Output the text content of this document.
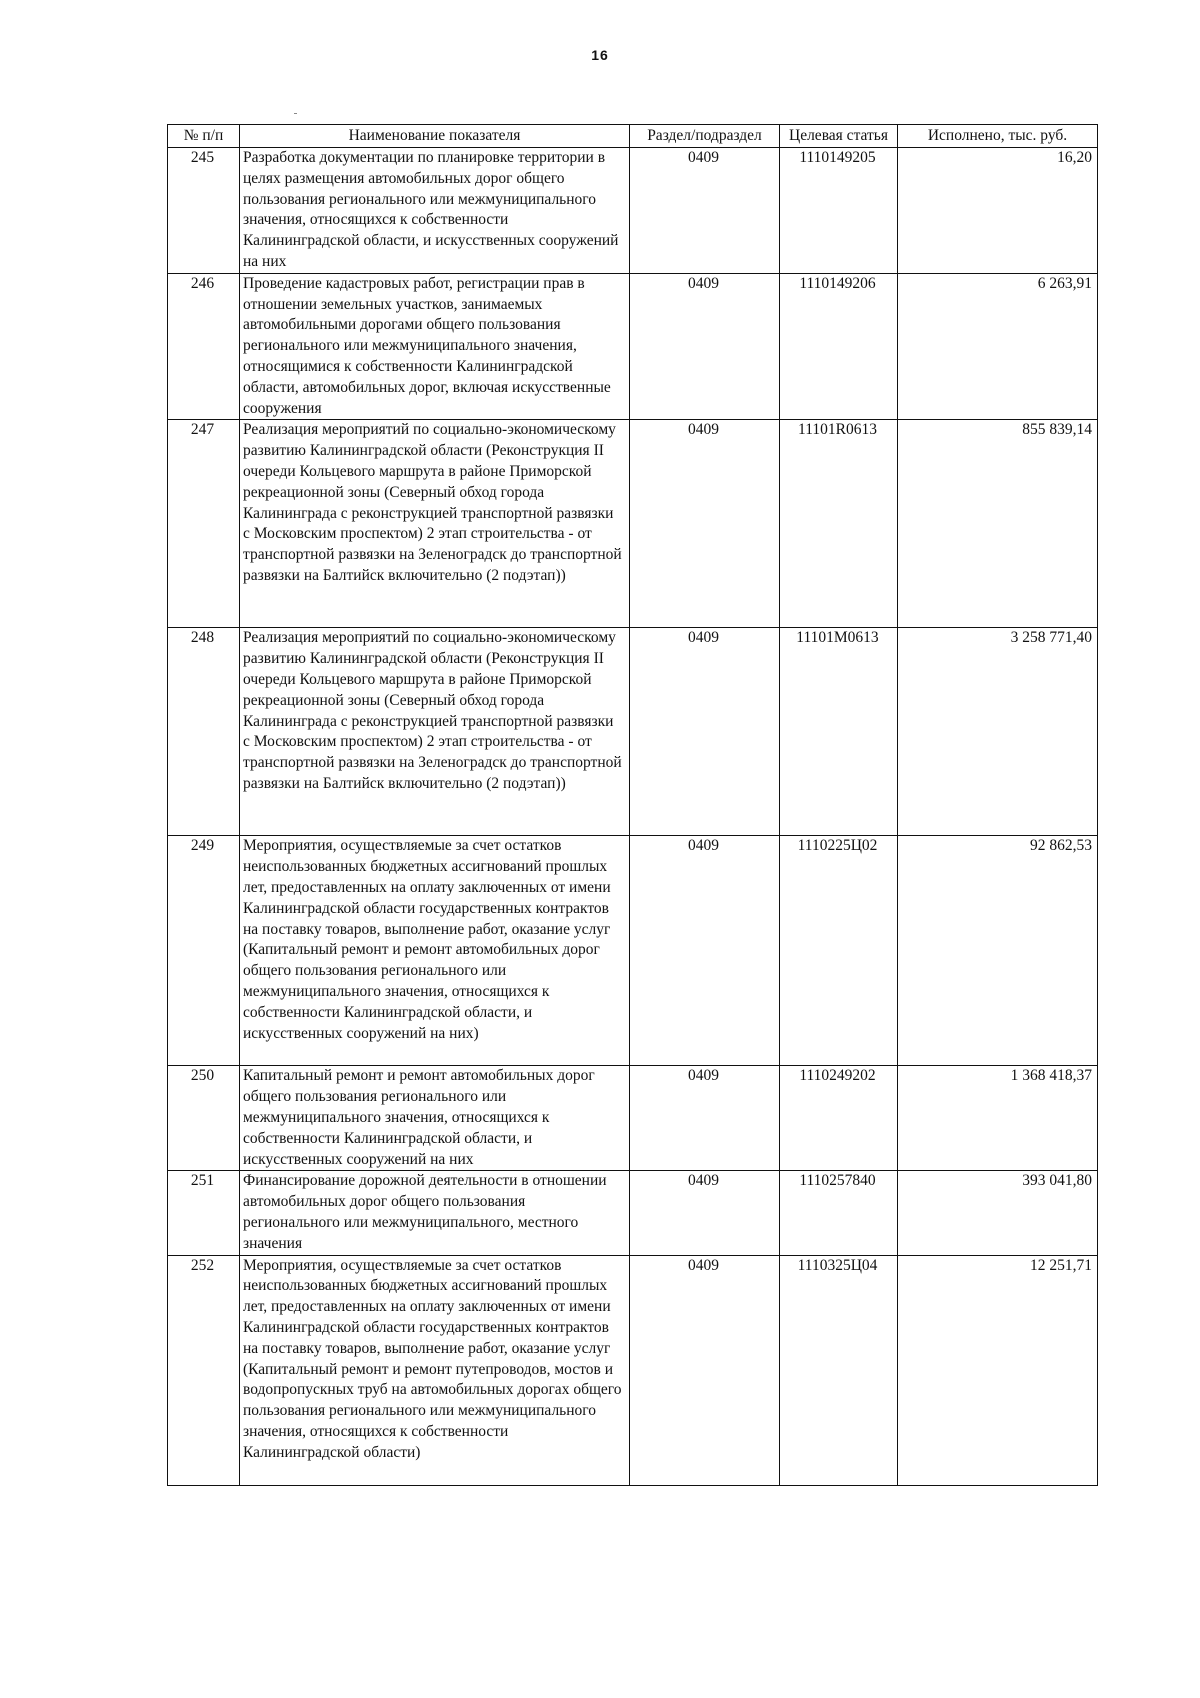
16
№ п/п	Наименование показателя	Раздел/подраздел	Целевая статья	Исполнено, тыс. руб.
245	Разработка документации по планировке территории в целях размещения автомобильных дорог общего пользования регионального или межмуниципального значения, относящихся к собственности Калининградской области, и искусственных сооружений на них	0409	1110149205	16,20
246	Проведение кадастровых работ, регистрации прав в отношении земельных участков, занимаемых автомобильными дорогами общего пользования регионального или межмуниципального значения, относящимися к собственности Калининградской области, автомобильных дорог, включая искусственные сооружения	0409	1110149206	6 263,91
247	Реализация мероприятий по социально-экономическому развитию Калининградской области (Реконструкция II очереди Кольцевого маршрута в районе Приморской рекреационной зоны (Северный обход города Калининграда с реконструкцией транспортной развязки с Московским проспектом) 2 этап строительства - от транспортной развязки на Зеленоградск до транспортной развязки на Балтийск включительно (2 подэтап))	0409	11101R0613	855 839,14
248	Реализация мероприятий по социально-экономическому развитию Калининградской области (Реконструкция II очереди Кольцевого маршрута в районе Приморской рекреационной зоны (Северный обход города Калининграда с реконструкцией транспортной развязки с Московским проспектом) 2 этап строительства - от транспортной развязки на Зеленоградск до транспортной развязки на Балтийск включительно (2 подэтап))	0409	11101M0613	3 258 771,40
249	Мероприятия, осуществляемые за счет остатков неиспользованных бюджетных ассигнований прошлых лет, предоставленных на оплату заключенных от имени Калининградской области государственных контрактов на поставку товаров, выполнение работ, оказание услуг (Капитальный ремонт и ремонт автомобильных дорог общего пользования регионального или межмуниципального значения, относящихся к собственности Калининградской области, и искусственных сооружений на них)	0409	1110225Ц02	92 862,53
250	Капитальный ремонт и ремонт автомобильных дорог общего пользования регионального или межмуниципального значения, относящихся к собственности Калининградской области, и искусственных сооружений на них	0409	1110249202	1 368 418,37
251	Финансирование дорожной деятельности в отношении автомобильных дорог общего пользования регионального или межмуниципального, местного значения	0409	1110257840	393 041,80
252	Мероприятия, осуществляемые за счет остатков неиспользованных бюджетных ассигнований прошлых лет, предоставленных на оплату заключенных от имени Калининградской области государственных контрактов на поставку товаров, выполнение работ, оказание услуг (Капитальный ремонт и ремонт путепроводов, мостов и водопропускных труб на автомобильных дорогах общего пользования регионального или межмуниципального значения, относящихся к собственности Калининградской области)	0409	1110325Ц04	12 251,71
